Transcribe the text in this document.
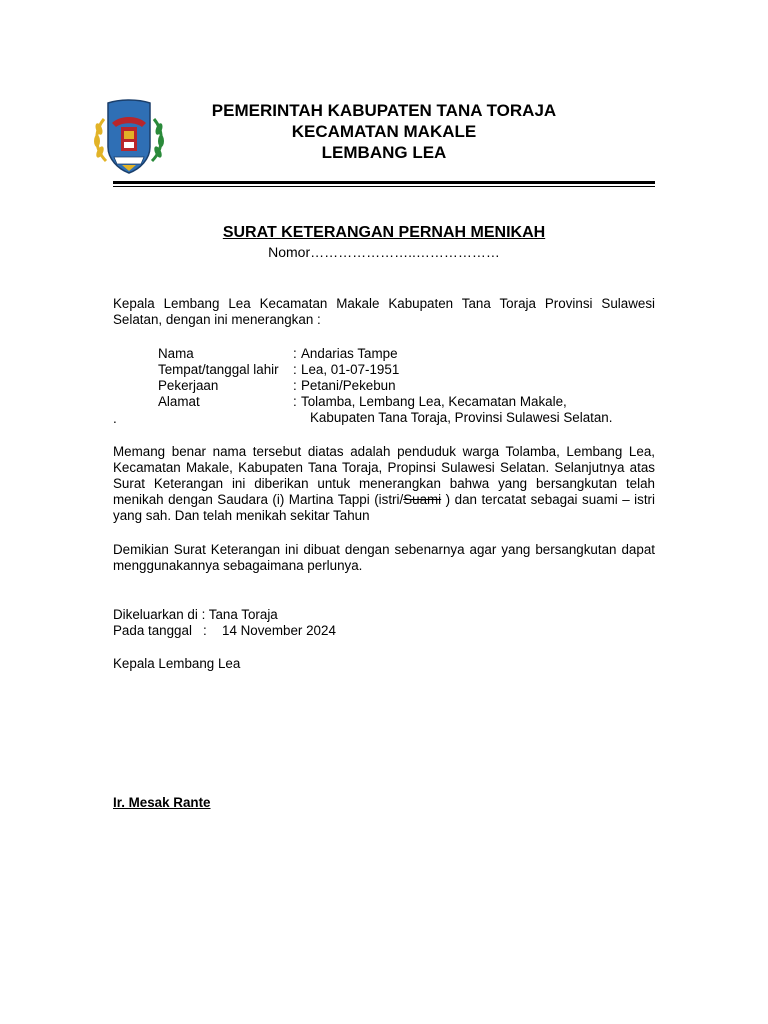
PEMERINTAH KABUPATEN TANA TORAJA
KECAMATAN MAKALE
LEMBANG LEA
SURAT KETERANGAN PERNAH MENIKAH
Nomor…………………..………………
Kepala Lembang Lea Kecamatan Makale Kabupaten Tana Toraja Provinsi Sulawesi Selatan, dengan ini menerangkan :
Nama	: Andarias Tampe
Tempat/tanggal lahir	: Lea, 01-07-1951
Pekerjaan	: Petani/Pekebun
Alamat	: Tolamba, Lembang Lea, Kecamatan Makale,
Kabupaten Tana Toraja, Provinsi Sulawesi Selatan.
.
Memang benar nama tersebut diatas adalah penduduk warga Tolamba, Lembang Lea, Kecamatan Makale, Kabupaten Tana Toraja, Propinsi Sulawesi Selatan. Selanjutnya atas Surat Keterangan ini diberikan untuk menerangkan bahwa yang bersangkutan telah menikah dengan Saudara (i) Martina Tappi (istri/Suami ) dan tercatat sebagai suami – istri yang sah. Dan telah menikah sekitar Tahun
Demikian Surat Keterangan ini dibuat dengan sebenarnya agar yang bersangkutan dapat menggunakannya sebagaimana perlunya.
Dikeluarkan di : Tana Toraja
Pada tanggal :	14 November 2024
Kepala Lembang Lea
Ir. Mesak Rante
